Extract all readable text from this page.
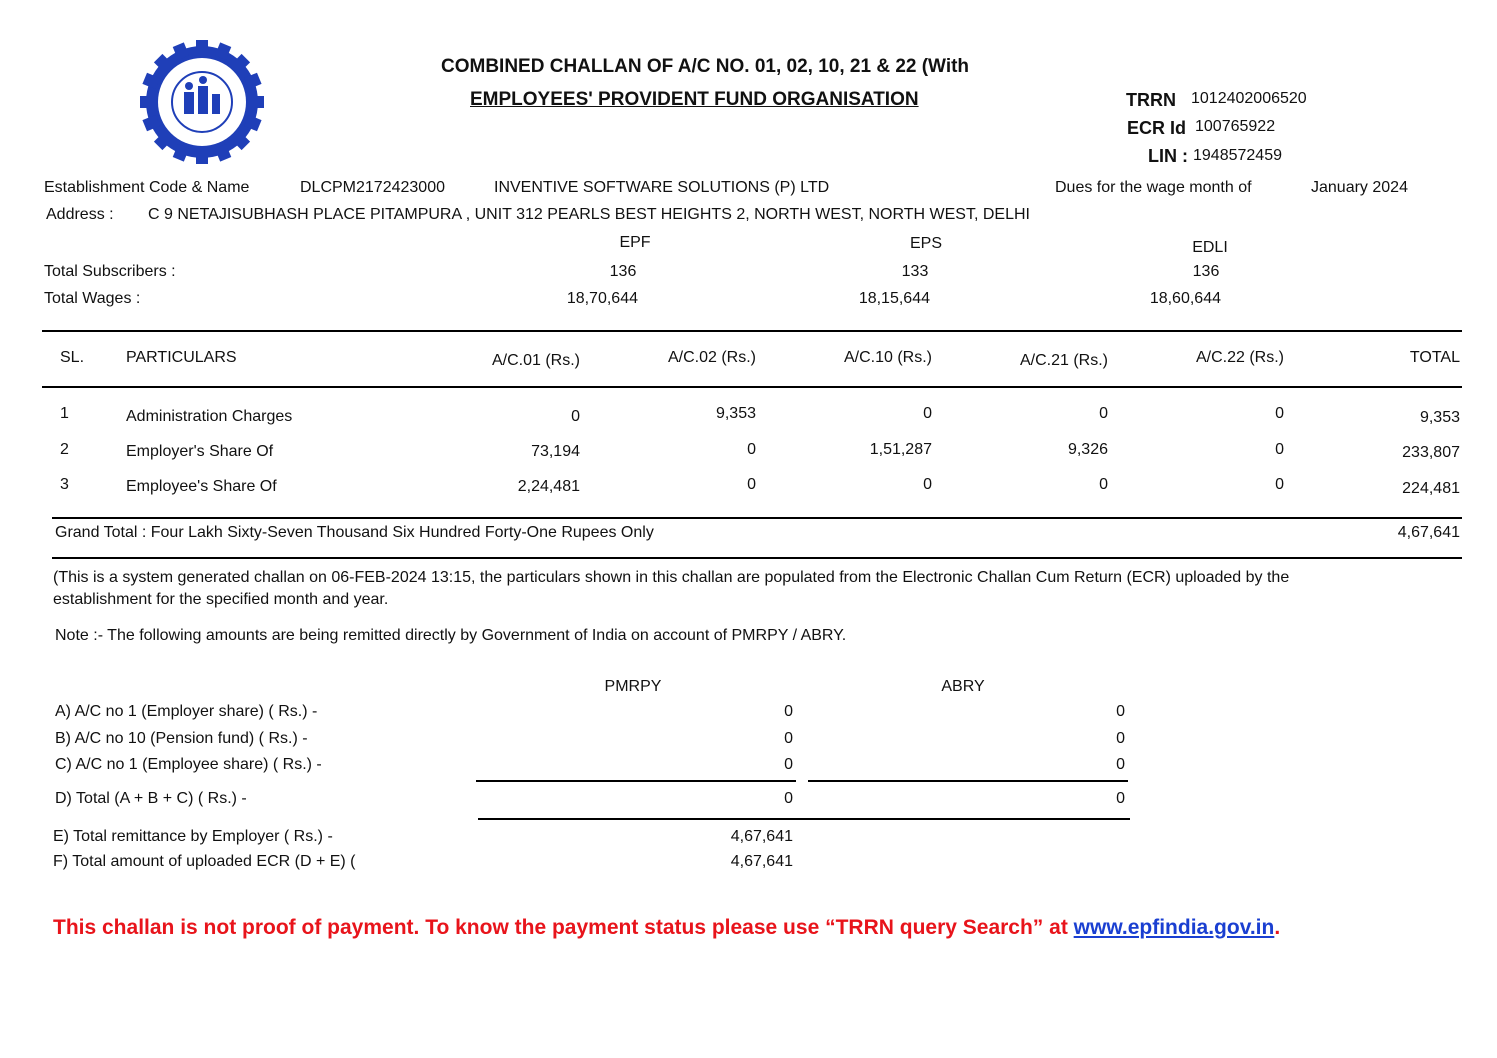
COMBINED CHALLAN OF A/C NO. 01, 02, 10, 21 & 22 (With
EMPLOYEES' PROVIDENT FUND ORGANISATION	TRRN 1012402006520
ECR Id 100765922
LIN : 1948572459
Establishment Code & Name	DLCPM2172423000	INVENTIVE SOFTWARE SOLUTIONS (P) LTD	Dues for the wage month of	January 2024
Address : C 9 NETAJISUBHASH PLACE PITAMPURA , UNIT 312 PEARLS BEST HEIGHTS 2, NORTH WEST, NORTH WEST, DELHI
EPF	EPS	EDLI
Total Subscribers :	136	133	136
Total Wages :	18,70,644	18,15,644	18,60,644
SL.	PARTICULARS	A/C.01 (Rs.)	A/C.02 (Rs.)	A/C.10 (Rs.)	A/C.21 (Rs.)	A/C.22 (Rs.)	TOTAL
1	Administration Charges	0	9,353	0	0	0	9,353
2	Employer's Share Of	73,194	0	1,51,287	9,326	0	233,807
3	Employee's Share Of	2,24,481	0	0	0	0	224,481
Grand Total : Four Lakh Sixty-Seven Thousand Six Hundred Forty-One Rupees Only	4,67,641
(This is a system generated challan on 06-FEB-2024 13:15, the particulars shown in this challan are populated from the Electronic Challan Cum Return (ECR) uploaded by the
establishment for the specified month and year.
Note :- The following amounts are being remitted directly by Government of India on account of PMRPY / ABRY.
PMRPY	ABRY
A) A/C no 1 (Employer share) ( Rs.) -	0	0
B) A/C no 10 (Pension fund) ( Rs.) -	0	0
C) A/C no 1 (Employee share) ( Rs.) -	0	0
D) Total (A + B + C) ( Rs.) -	0	0
E) Total remittance by Employer ( Rs.) -	4,67,641
F) Total amount of uploaded ECR (D + E) (	4,67,641
This challan is not proof of payment. To know the payment status please use “TRRN query Search” at www.epfindia.gov.in.
